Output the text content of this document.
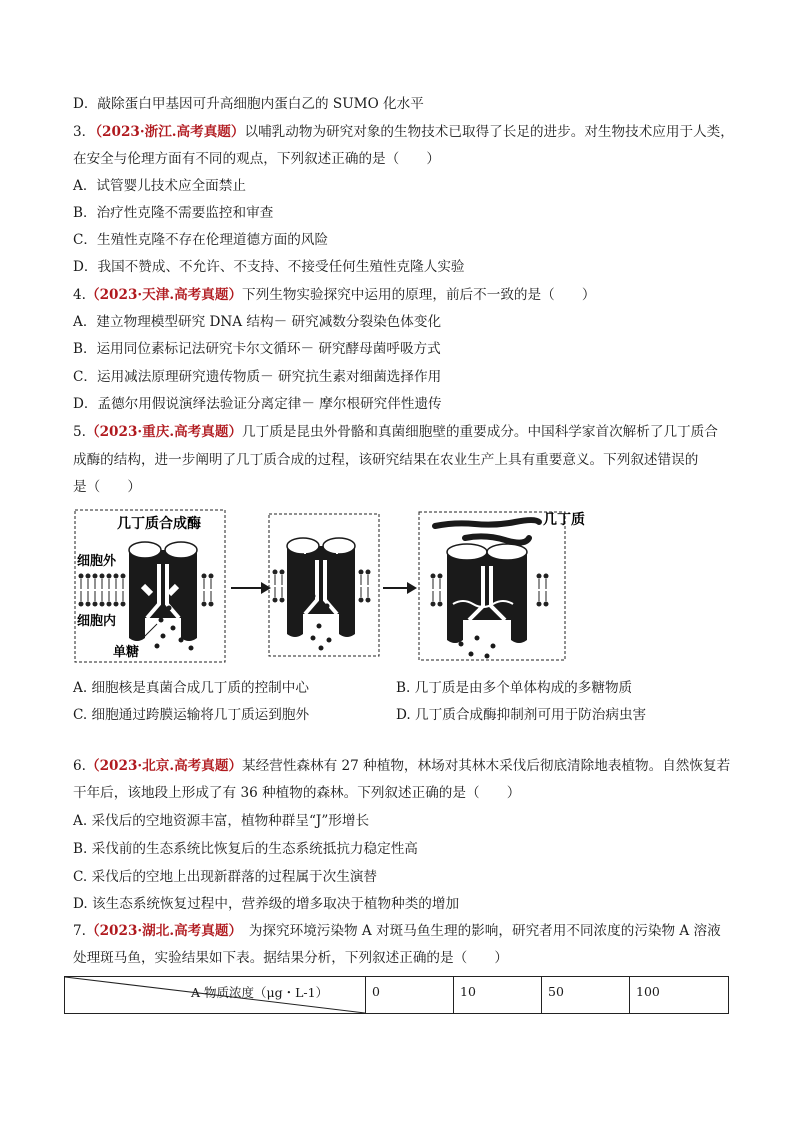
D．敲除蛋白甲基因可升高细胞内蛋白乙的 SUMO 化水平
3．（2023·浙江.高考真题）以哺乳动物为研究对象的生物技术已取得了长足的进步。对生物技术应用于人类，
在安全与伦理方面有不同的观点，下列叙述正确的是（　　）
A．试管婴儿技术应全面禁止
B．治疗性克隆不需要监控和审查
C．生殖性克隆不存在伦理道德方面的风险
D．我国不赞成、不允许、不支持、不接受任何生殖性克隆人实验
4.（2023·天津.高考真题）下列生物实验探究中运用的原理，前后不一致的是（　　）
A．建立物理模型研究 DNA 结构－ 研究减数分裂染色体变化
B．运用同位素标记法研究卡尔文循环－ 研究酵母菌呼吸方式
C．运用减法原理研究遗传物质－ 研究抗生素对细菌选择作用
D．孟德尔用假说演绎法验证分离定律－ 摩尔根研究伴性遗传
5.（2023·重庆.高考真题）几丁质是昆虫外骨骼和真菌细胞壁的重要成分。中国科学家首次解析了几丁质合
成酶的结构，进一步阐明了几丁质合成的过程，该研究结果在农业生产上具有重要意义。下列叙述错误的
是（　　）
几丁质合成酶
细胞外
细胞内
单糖
几丁质
A. 细胞核是真菌合成几丁质的控制中心	B. 几丁质是由多个单体构成的多糖物质
C. 细胞通过跨膜运输将几丁质运到胞外	D. 几丁质合成酶抑制剂可用于防治病虫害
6.（2023·北京.高考真题）某经营性森林有 27 种植物，林场对其林木采伐后彻底清除地表植物。自然恢复若
干年后，该地段上形成了有 36 种植物的森林。下列叙述正确的是（　　）
A. 采伐后的空地资源丰富，植物种群呈“J”形增长
B. 采伐前的生态系统比恢复后的生态系统抵抗力稳定性高
C. 采伐后的空地上出现新群落的过程属于次生演替
D. 该生态系统恢复过程中，营养级的增多取决于植物种类的增加
7.（2023·湖北.高考真题）　为探究环境污染物 A 对斑马鱼生理的影响，研究者用不同浓度的污染物 A 溶液
处理斑马鱼，实验结果如下表。据结果分析，下列叙述正确的是（　　）
A 物质浓度（μg・L-1）	0	10	50	100
